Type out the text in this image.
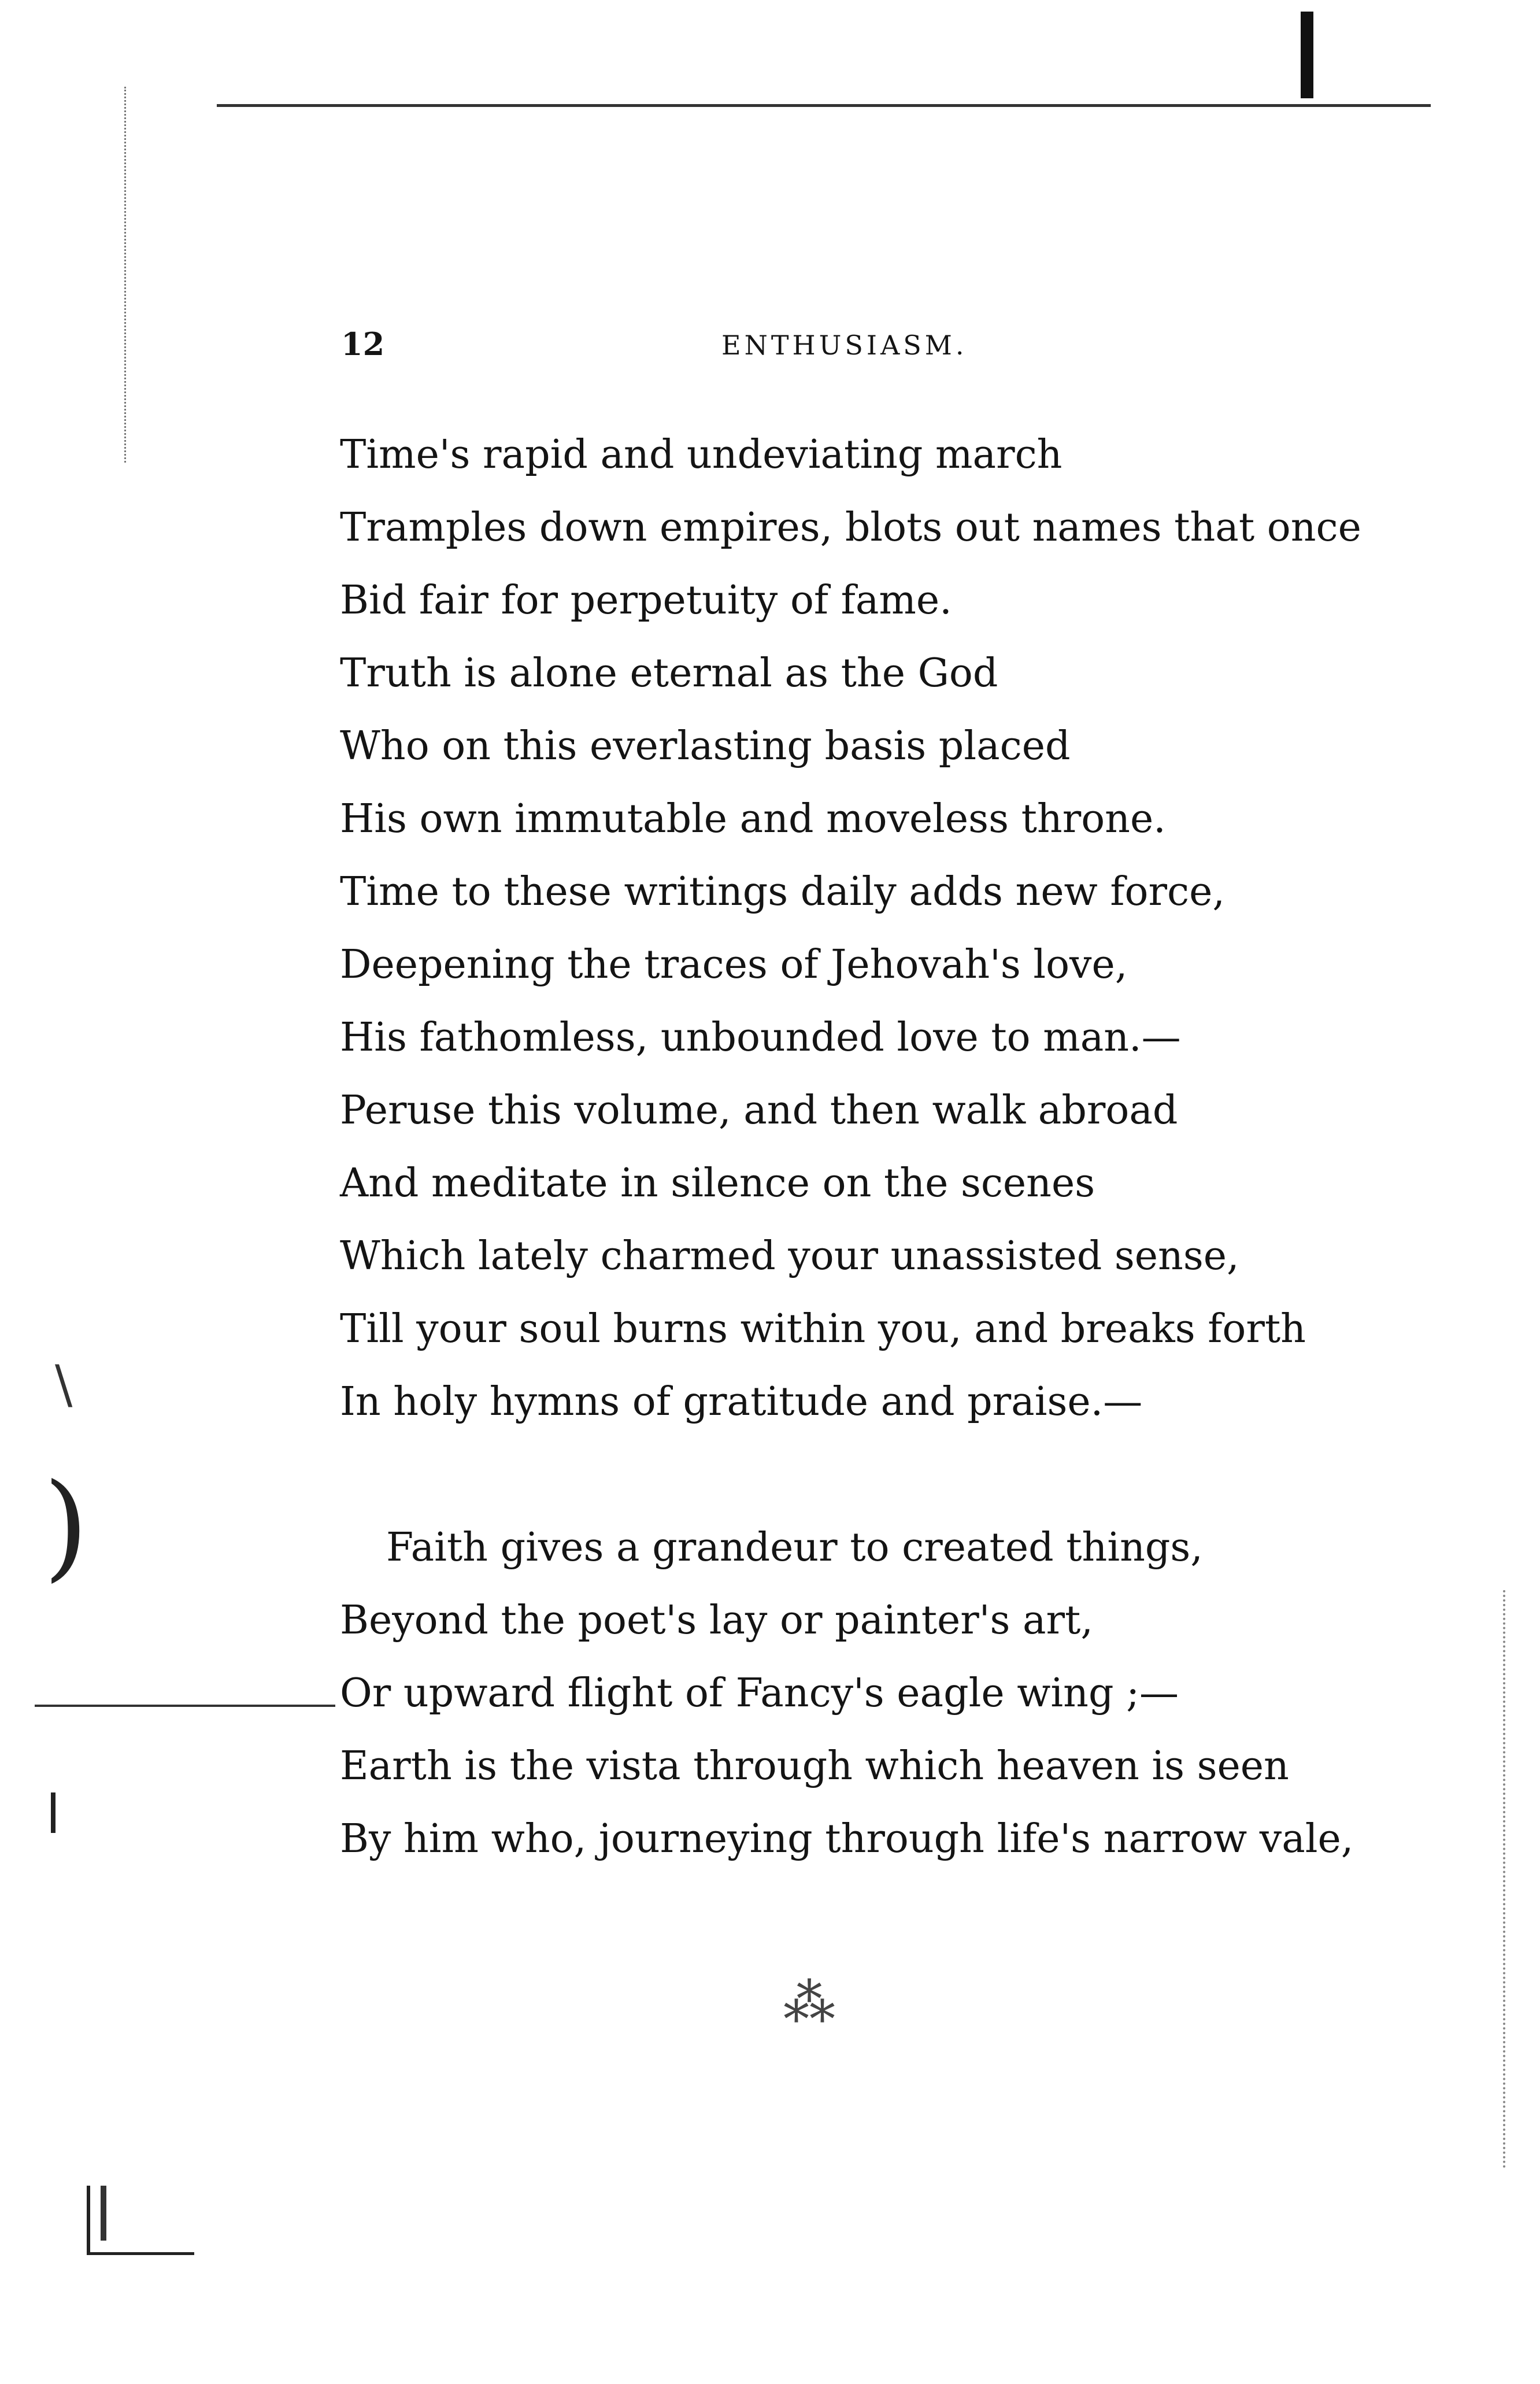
)
\
⁂

12	ENTHUSIASM.

Time's rapid and undeviating march
Tramples down empires, blots out names that once
Bid fair for perpetuity of fame.
Truth is alone eternal as the God
Who on this everlasting basis placed
His own immutable and moveless throne.
Time to these writings daily adds new force,
Deepening the traces of Jehovah's love,
His fathomless, unbounded love to man.—
Peruse this volume, and then walk abroad
And meditate in silence on the scenes
Which lately charmed your unassisted sense,
Till your soul burns within you, and breaks forth
In holy hymns of gratitude and praise.—
Faith gives a grandeur to created things,
Beyond the poet's lay or painter's art,
Or upward flight of Fancy's eagle wing ;—
Earth is the vista through which heaven is seen
By him who, journeying through life's narrow vale,
